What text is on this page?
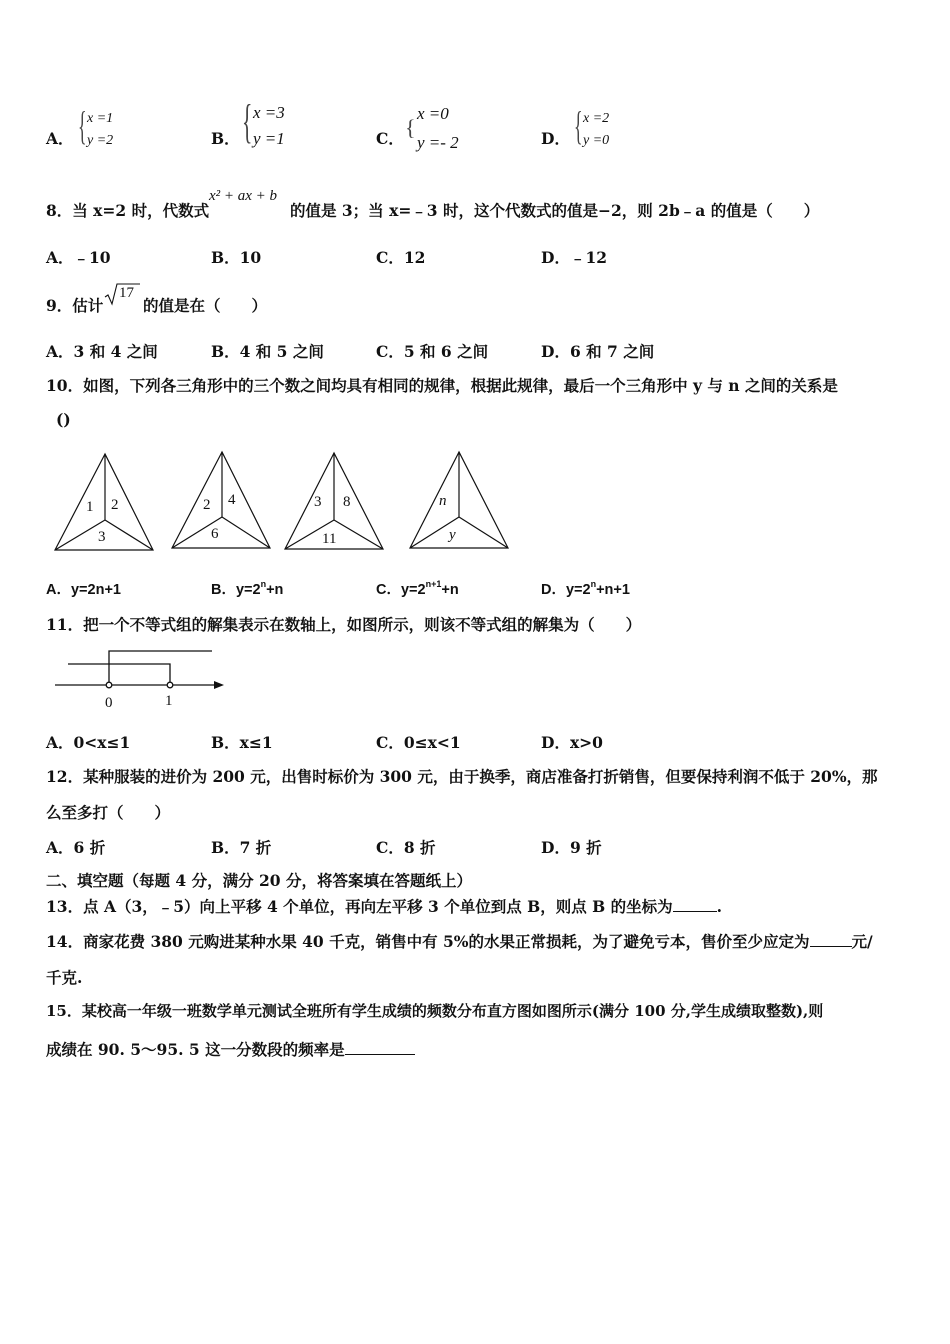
A． { x =1
y =2	B． { x =3
y =1	C． {
x =0
y =- 2	D． { x =2
y =0
8．当 x=2 时，代数式
x² + ax + b
的值是 3；当 x=﹣3 时，这个代数式的值是−2，则 2b﹣a 的值是（　　）
A．﹣10	B．10	C．12	D．﹣12
9．估计
17
的值是在（　　）
A．3 和 4 之间	B．4 和 5 之间	C．5 和 6 之间	D．6 和 7 之间
10．如图，下列各三角形中的三个数之间均具有相同的规律，根据此规律，最后一个三角形中 y 与 n 之间的关系是
()
1 2
3
2 4
6
3 8
11
n
y
A．y=2n+1	B．$y=2^n+n$	C．$y=2^{n+1}+n$	D．$y=2^n+n+1$
11．把一个不等式组的解集表示在数轴上，如图所示，则该不等式组的解集为（　　）
0	1
A．0<x≤1	B．x≤1	C．0≤x<1	D．x>0
12．某种服装的进价为 200 元，出售时标价为 300 元，由于换季，商店准备打折销售，但要保持利润不低于 20%，那
么至多打（　　）
A．6 折	B．7 折	C．8 折	D．9 折
二、填空题（每题 4 分，满分 20 分，将答案填在答题纸上）
13．点 A（3，﹣5）向上平移 4 个单位，再向左平移 3 个单位到点 B，则点 B 的坐标为	.
14．商家花费 380 元购进某种水果 40 千克，销售中有 5%的水果正常损耗，为了避免亏本，售价至少应定为	元/
千克.
15．某校高一年级一班数学单元测试全班所有学生成绩的频数分布直方图如图所示(满分 100 分,学生成绩取整数),则
成绩在 90. 5～95. 5 这一分数段的频率是
